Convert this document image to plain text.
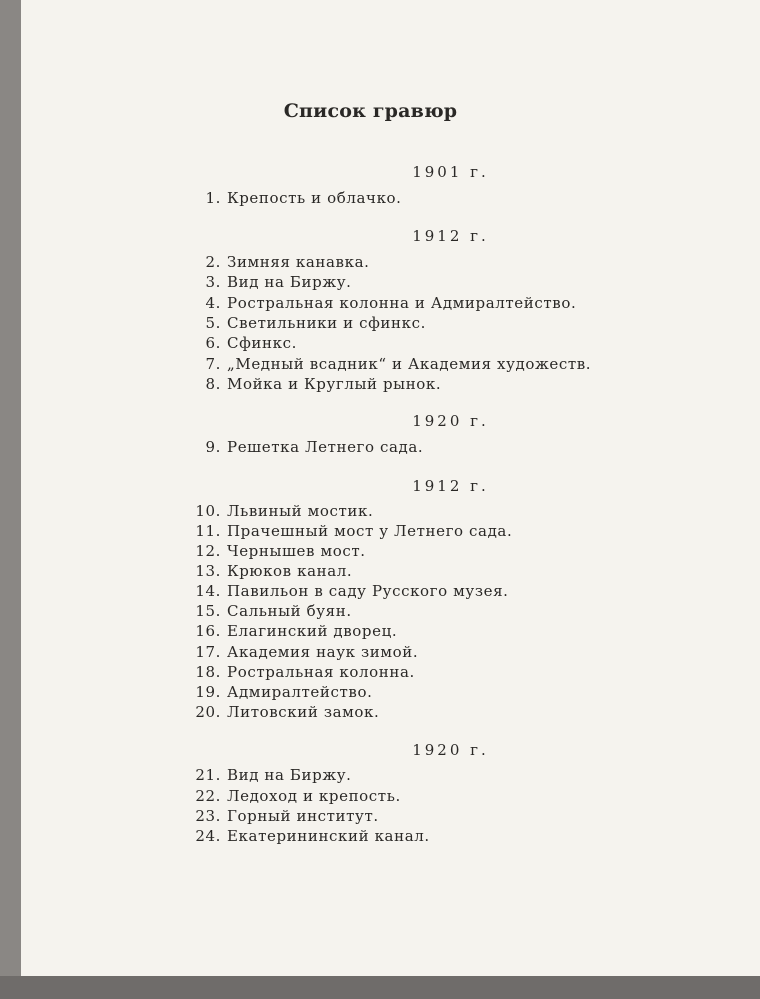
Список гравюр
1901 г.
1. Крепость и облачко.
1912 г.
2. Зимняя канавка.
3. Вид на Биржу.
4. Ростральная колонна и Адмиралтейство.
5. Светильники и сфинкс.
6. Сфинкс.
7. „Медный всадник“ и Академия художеств.
8. Мойка и Круглый рынок.
1920 г.
9. Решетка Летнего сада.
1912 г.
10. Львиный мостик.
11. Прачешный мост у Летнего сада.
12. Чернышев мост.
13. Крюков канал.
14. Павильон в саду Русского музея.
15. Сальный буян.
16. Елагинский дворец.
17. Академия наук зимой.
18. Ростральная колонна.
19. Адмиралтейство.
20. Литовский замок.
1920 г.
21. Вид на Биржу.
22. Ледоход и крепость.
23. Горный институт.
24. Екатерининский канал.
